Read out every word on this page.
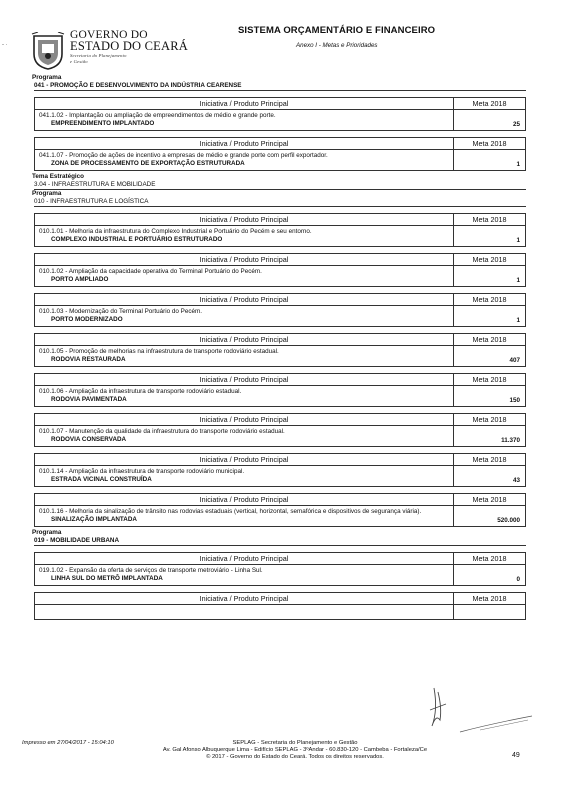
- ·
GOVERNO DO
ESTADO DO CEARÁ
Secretaria do Planejamento
e Gestão
SISTEMA ORÇAMENTÁRIO E FINANCEIRO
Anexo I - Metas e Prioridades
Programa
041 - PROMOÇÃO E DESENVOLVIMENTO DA INDÚSTRIA CEARENSE
Iniciativa / Produto Principal	Meta 2018
041.1.02 - Implantação ou ampliação de empreendimentos de médio e grande porte.
EMPREENDIMENTO IMPLANTADO	25
Iniciativa / Produto Principal	Meta 2018
041.1.07 - Promoção de ações de incentivo a empresas de médio e grande porte com perfil exportador.
ZONA DE PROCESSAMENTO DE EXPORTAÇÃO ESTRUTURADA	1
Tema Estratégico
3.04 - INFRAESTRUTURA E MOBILIDADE
Programa
010 - INFRAESTRUTURA E LOGÍSTICA
Iniciativa / Produto Principal	Meta 2018
010.1.01 - Melhoria da infraestrutura do Complexo Industrial e Portuário do Pecém e seu entorno.
COMPLEXO INDUSTRIAL E PORTUÁRIO ESTRUTURADO	1
Iniciativa / Produto Principal	Meta 2018
010.1.02 - Ampliação da capacidade operativa do Terminal Portuário do Pecém.
PORTO AMPLIADO	1
Iniciativa / Produto Principal	Meta 2018
010.1.03 - Modernização do Terminal Portuário do Pecém.
PORTO MODERNIZADO	1
Iniciativa / Produto Principal	Meta 2018
010.1.05 - Promoção de melhorias na infraestrutura de transporte rodoviário estadual.
RODOVIA RESTAURADA	407
Iniciativa / Produto Principal	Meta 2018
010.1.06 - Ampliação da infraestrutura de transporte rodoviário estadual.
RODOVIA PAVIMENTADA	150
Iniciativa / Produto Principal	Meta 2018
010.1.07 - Manutenção da qualidade da infraestrutura do transporte rodoviário estadual.
RODOVIA CONSERVADA	11.370
Iniciativa / Produto Principal	Meta 2018
010.1.14 - Ampliação da infraestrutura de transporte rodoviário municipal.
ESTRADA VICINAL CONSTRUÍDA	43
Iniciativa / Produto Principal	Meta 2018
010.1.16 - Melhoria da sinalização de trânsito nas rodovias estaduais (vertical, horizontal, semafórica e dispositivos de segurança viária).
SINALIZAÇÃO IMPLANTADA	520.000
Programa
019 - MOBILIDADE URBANA
Iniciativa / Produto Principal	Meta 2018
019.1.02 - Expansão da oferta de serviços de transporte metroviário - Linha Sul.
LINHA SUL DO METRÔ IMPLANTADA	0
Iniciativa / Produto Principal	Meta 2018
Impresso em 27/04/2017 - 15:04:10	SEPLAG - Secretaria do Planejamento e Gestão
Av. Gal Afonso Albuquerque Lima - Edifício SEPLAG - 3ºAndar - 60.830-120 - Cambeba - Fortaleza/Ce
© 2017 - Governo do Estado do Ceará. Todos os direitos reservados.	49
